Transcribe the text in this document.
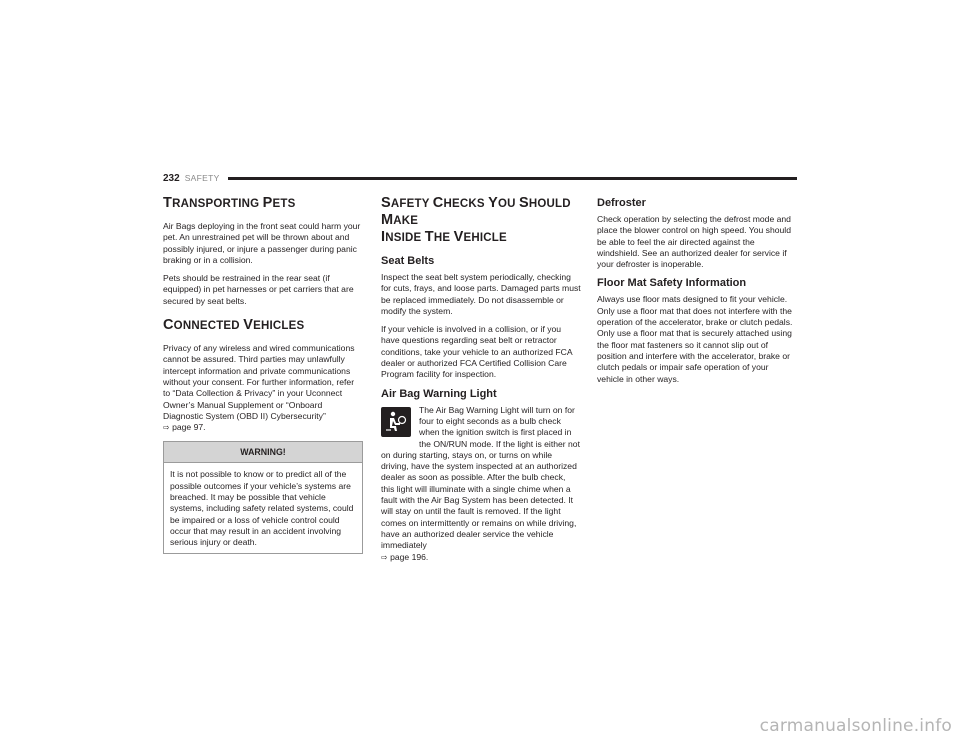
232 SAFETY
TRANSPORTING PETS

Air Bags deploying in the front seat could harm your pet. An unrestrained pet will be thrown about and possibly injured, or injure a passenger during panic braking or in a collision.

Pets should be restrained in the rear seat (if equipped) in pet harnesses or pet carriers that are secured by seat belts.

CONNECTED VEHICLES

Privacy of any wireless and wired communications cannot be assured. Third parties may unlawfully intercept information and private communications without your consent. For further information, refer to “Data Collection & Privacy” in your Uconnect Owner’s Manual Supplement or “Onboard Diagnostic System (OBD II) Cybersecurity”
⇨ page 97.

WARNING!

It is not possible to know or to predict all of the possible outcomes if your vehicle’s systems are breached. It may be possible that vehicle systems, including safety related systems, could be impaired or a loss of vehicle control could occur that may result in an accident involving serious injury or death.

SAFETY CHECKS YOU SHOULD MAKE
INSIDE THE VEHICLE
Seat Belts

Inspect the seat belt system periodically, checking for cuts, frays, and loose parts. Damaged parts must be replaced immediately. Do not disassemble or modify the system.

If your vehicle is involved in a collision, or if you have questions regarding seat belt or retractor conditions, take your vehicle to an authorized FCA dealer or authorized FCA Certified Collision Care Program facility for inspection.

Air Bag Warning Light

The Air Bag Warning Light will turn on for four to eight seconds as a bulb check when the ignition switch is first placed in the ON/RUN mode. If the light is either not on during starting, stays on, or turns on while driving, have the system inspected at an authorized dealer as soon as possible. After the bulb check, this light will illuminate with a single chime when a fault with the Air Bag System has been detected. It will stay on until the fault is removed. If the light comes on intermittently or remains on while driving, have an authorized dealer service the vehicle immediately
⇨ page 196.

Defroster

Check operation by selecting the defrost mode and place the blower control on high speed. You should be able to feel the air directed against the windshield. See an authorized dealer for service if your defroster is inoperable.

Floor Mat Safety Information

Always use floor mats designed to fit your vehicle. Only use a floor mat that does not interfere with the operation of the accelerator, brake or clutch pedals. Only use a floor mat that is securely attached using the floor mat fasteners so it cannot slip out of position and interfere with the accelerator, brake or clutch pedals or impair safe operation of your vehicle in other ways.

carmanualsonline.info
